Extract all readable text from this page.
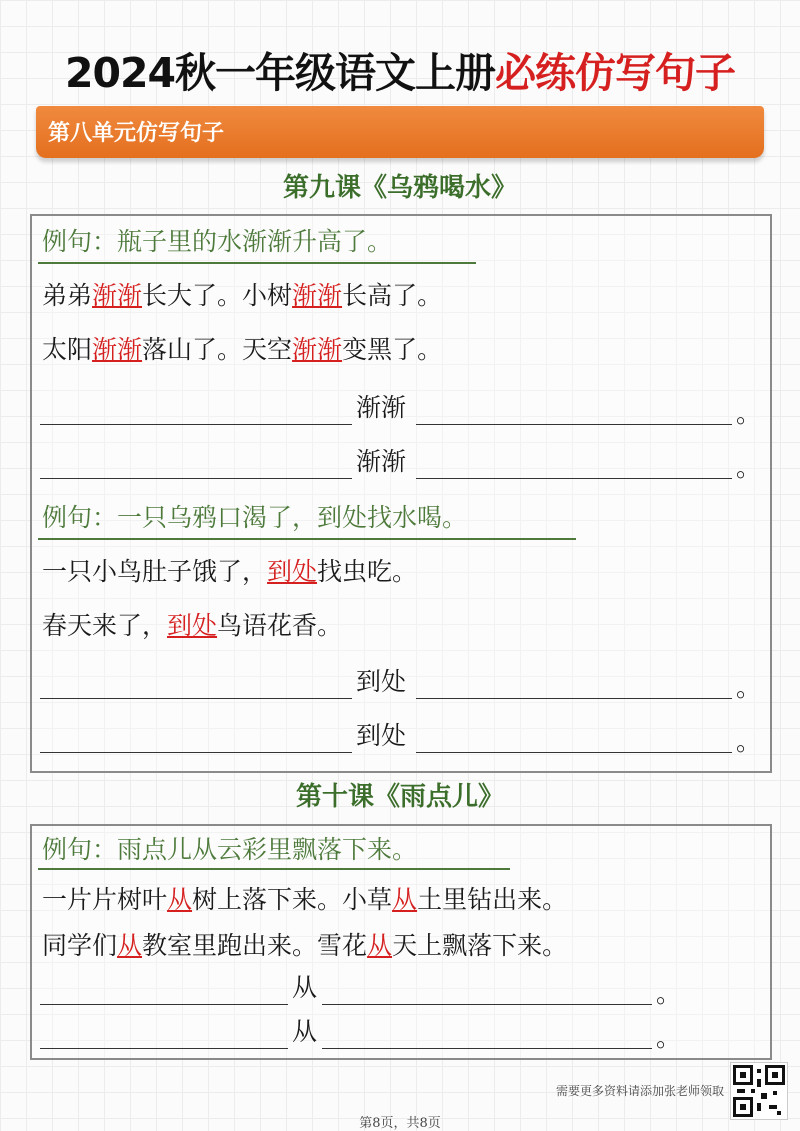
2024秋一年级语文上册必练仿写句子
第八单元仿写句子
第九课《乌鸦喝水》
例句：瓶子里的水渐渐升高了。
弟弟渐渐长大了。小树渐渐长高了。
太阳渐渐落山了。天空渐渐变黑了。
渐渐	。
渐渐	。
例句：一只乌鸦口渴了，到处找水喝。
一只小鸟肚子饿了，到处找虫吃。
春天来了，到处鸟语花香。
到处	。
到处	。
第十课《雨点儿》
例句：雨点儿从云彩里飘落下来。
一片片树叶从树上落下来。小草从土里钻出来。
同学们从教室里跑出来。雪花从天上飘落下来。
从	。
从	。
需要更多资料请添加张老师领取
第8页，共8页
